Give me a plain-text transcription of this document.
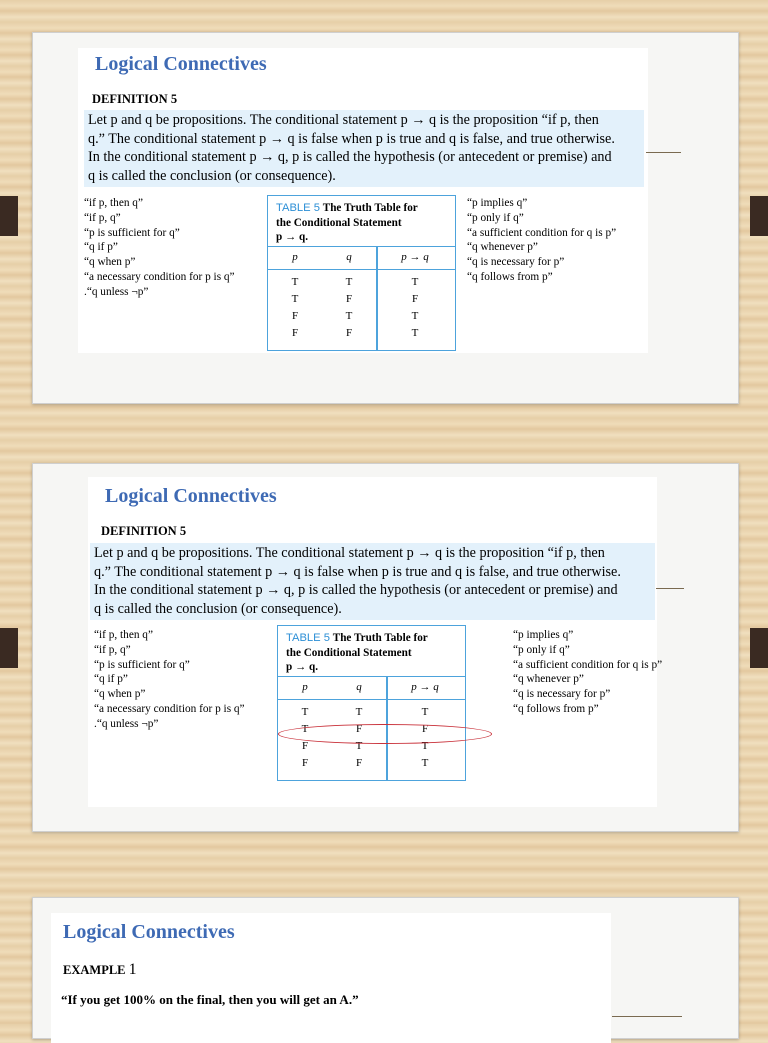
Logical Connectives
DEFINITION 5

Let p and q be propositions. The conditional statement p → q is the proposition “if p, then

q.” The conditional statement p → q is false when p is true and q is false, and true otherwise.

In the conditional statement p → q, p is called the hypothesis (or antecedent or premise) and

q is called the conclusion (or consequence).

“if p, then q”
“if p, q”
“p is sufficient for q”
“q if p”
“q when p”
“a necessary condition for p is q”
.“q unless ¬p”
TABLE 5 The Truth Table for
the Conditional Statement
p → q.
p	q	p → q
T	T	T
T	F	F
F	T	T
F	F	T
“p implies q”
“p only if q”
“a sufficient condition for q is p”
“q whenever p”
“q is necessary for p”
“q follows from p”
Logical Connectives
DEFINITION 5

Let p and q be propositions. The conditional statement p → q is the proposition “if p, then

q.” The conditional statement p → q is false when p is true and q is false, and true otherwise.

In the conditional statement p → q, p is called the hypothesis (or antecedent or premise) and

q is called the conclusion (or consequence).

“if p, then q”
“if p, q”
“p is sufficient for q”
“q if p”
“q when p”
“a necessary condition for p is q”
.“q unless ¬p”
TABLE 5 The Truth Table for
the Conditional Statement
p → q.
p	q	p → q
T	T	T
T	F	F
F	T	T
F	F	T
“p implies q”
“p only if q”
“a sufficient condition for q is p”
“q whenever p”
“q is necessary for p”
“q follows from p”
Logical Connectives
EXAMPLE 1
“If you get 100% on the final, then you will get an A.”
